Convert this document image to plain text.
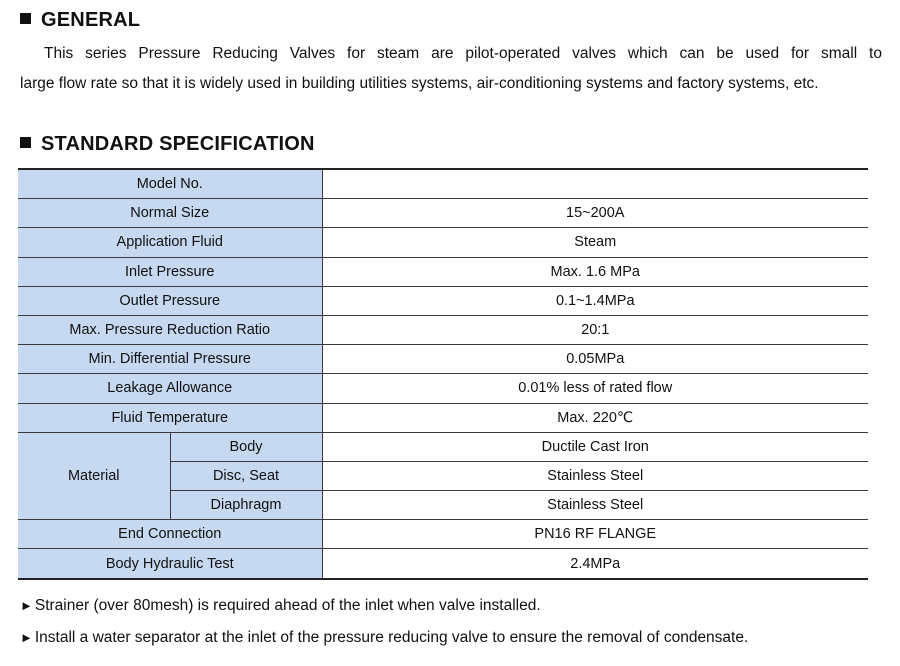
GENERAL
This series Pressure Reducing Valves for steam are pilot-operated valves which can be used for small to
large flow rate so that it is widely used in building utilities systems, air-conditioning systems and factory systems, etc.
STANDARD SPECIFICATION
Model No.		
Normal Size		15~200A
Application Fluid		Steam
Inlet Pressure		Max. 1.6 MPa
Outlet Pressure		0.1~1.4MPa
Max. Pressure Reduction Ratio		20:1
Min. Differential Pressure		0.05MPa
Leakage Allowance		0.01% less of rated flow
Fluid Temperature		Max. 220℃
Material	Body	Ductile Cast Iron
	Disc, Seat	Stainless Steel
	Diaphragm	Stainless Steel
End Connection		PN16 RF FLANGE
Body Hydraulic Test		2.4MPa
► Strainer (over 80mesh) is required ahead of the inlet when valve installed.
► Install a water separator at the inlet of the pressure reducing valve to ensure the removal of condensate.
